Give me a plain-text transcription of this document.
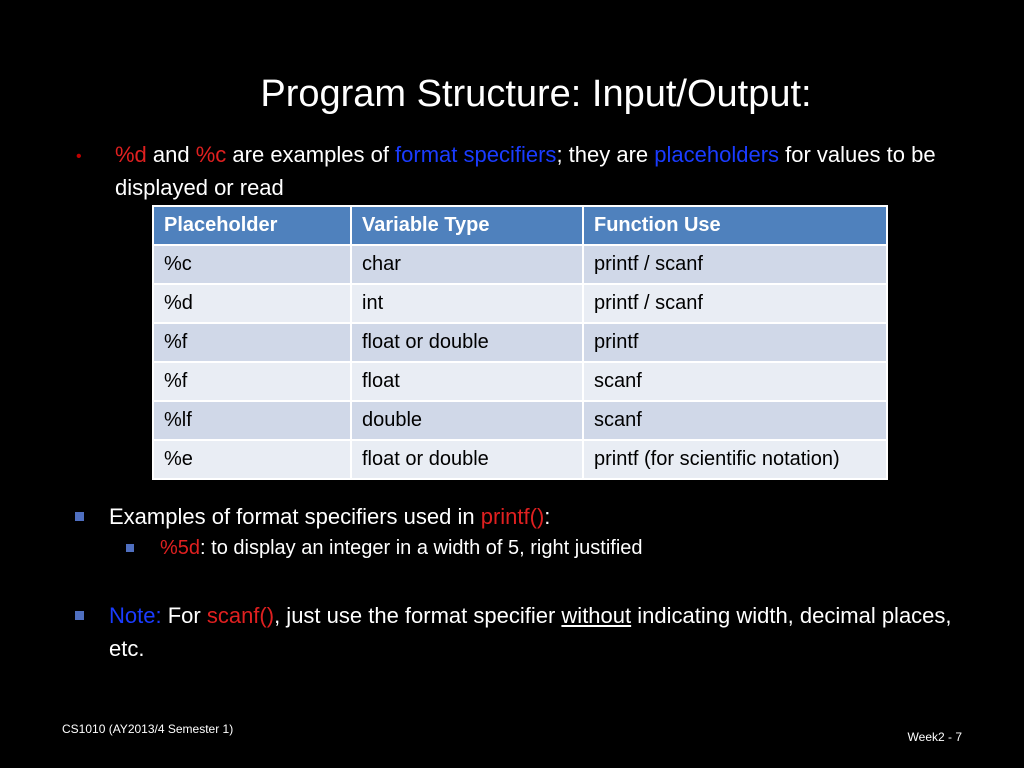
Program Structure: Input/Output:
• %d and %c are examples of format specifiers; they are placeholders for values to be displayed or read
Placeholder	Variable Type	Function Use
%c	char	printf / scanf
%d	int	printf / scanf
%f	float or double	printf
%f	float	scanf
%lf	double	scanf
%e	float or double	printf (for scientific notation)
Examples of format specifiers used in printf():
%5d: to display an integer in a width of 5, right justified
Note: For scanf(), just use the format specifier without indicating width, decimal places, etc.
CS1010 (AY2013/4 Semester 1)
Week2 - 7
